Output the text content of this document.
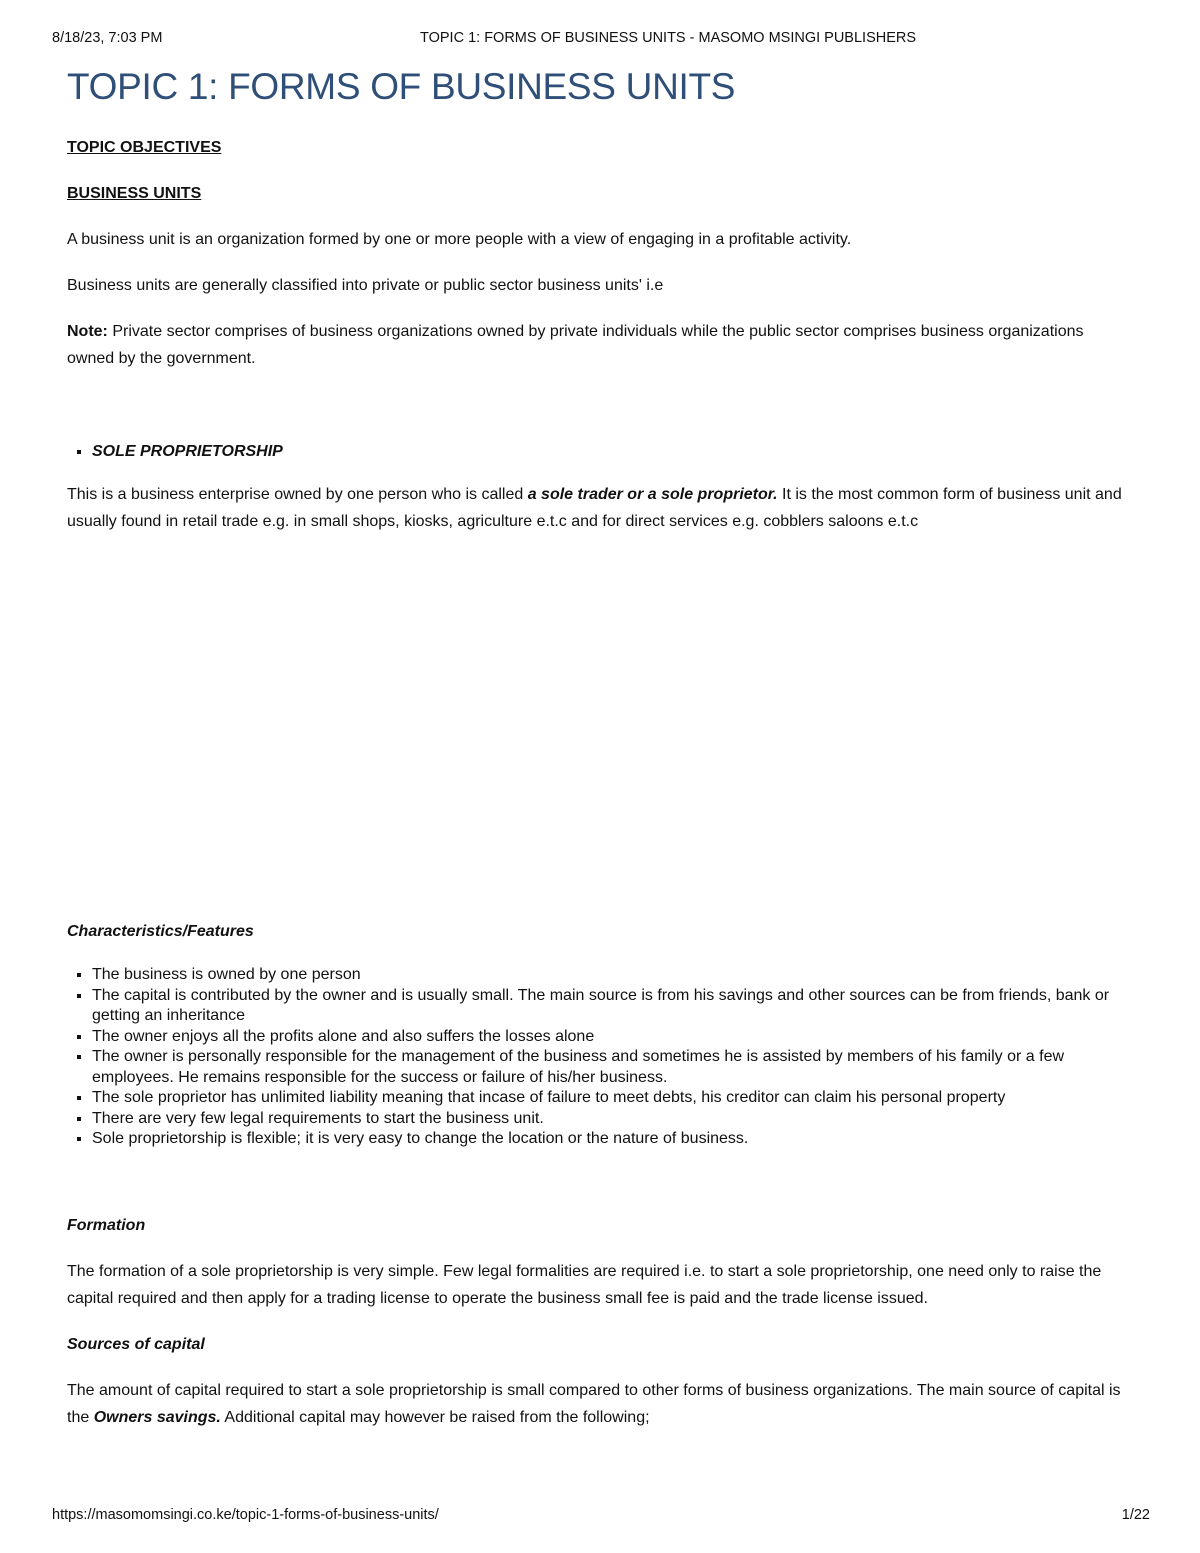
8/18/23, 7:03 PM	TOPIC 1: FORMS OF BUSINESS UNITS - MASOMO MSINGI PUBLISHERS
TOPIC 1: FORMS OF BUSINESS UNITS

TOPIC OBJECTIVES

BUSINESS UNITS

A business unit is an organization formed by one or more people with a view of engaging in a profitable activity.

Business units are generally classified into private or public sector business units' i.e

Note: Private sector comprises of business organizations owned by private individuals while the public sector comprises business organizations owned by the government.

▪ SOLE PROPRIETORSHIP

This is a business enterprise owned by one person who is called a sole trader or a sole proprietor. It is the most common form of business unit and usually found in retail trade e.g. in small shops, kiosks, agriculture e.t.c and for direct services e.g. cobblers saloons e.t.c

Characteristics/Features

▪ The business is owned by one person
▪ The capital is contributed by the owner and is usually small. The main source is from his savings and other sources can be from friends, bank or getting an inheritance
▪ The owner enjoys all the profits alone and also suffers the losses alone
▪ The owner is personally responsible for the management of the business and sometimes he is assisted by members of his family or a few employees. He remains responsible for the success or failure of his/her business.
▪ The sole proprietor has unlimited liability meaning that incase of failure to meet debts, his creditor can claim his personal property
▪ There are very few legal requirements to start the business unit.
▪ Sole proprietorship is flexible; it is very easy to change the location or the nature of business.

Formation

The formation of a sole proprietorship is very simple. Few legal formalities are required i.e. to start a sole proprietorship, one need only to raise the capital required and then apply for a trading license to operate the business small fee is paid and the trade license issued.

Sources of capital

The amount of capital required to start a sole proprietorship is small compared to other forms of business organizations. The main source of capital is the Owners savings. Additional capital may however be raised from the following;

https://masomomsingi.co.ke/topic-1-forms-of-business-units/	1/22
